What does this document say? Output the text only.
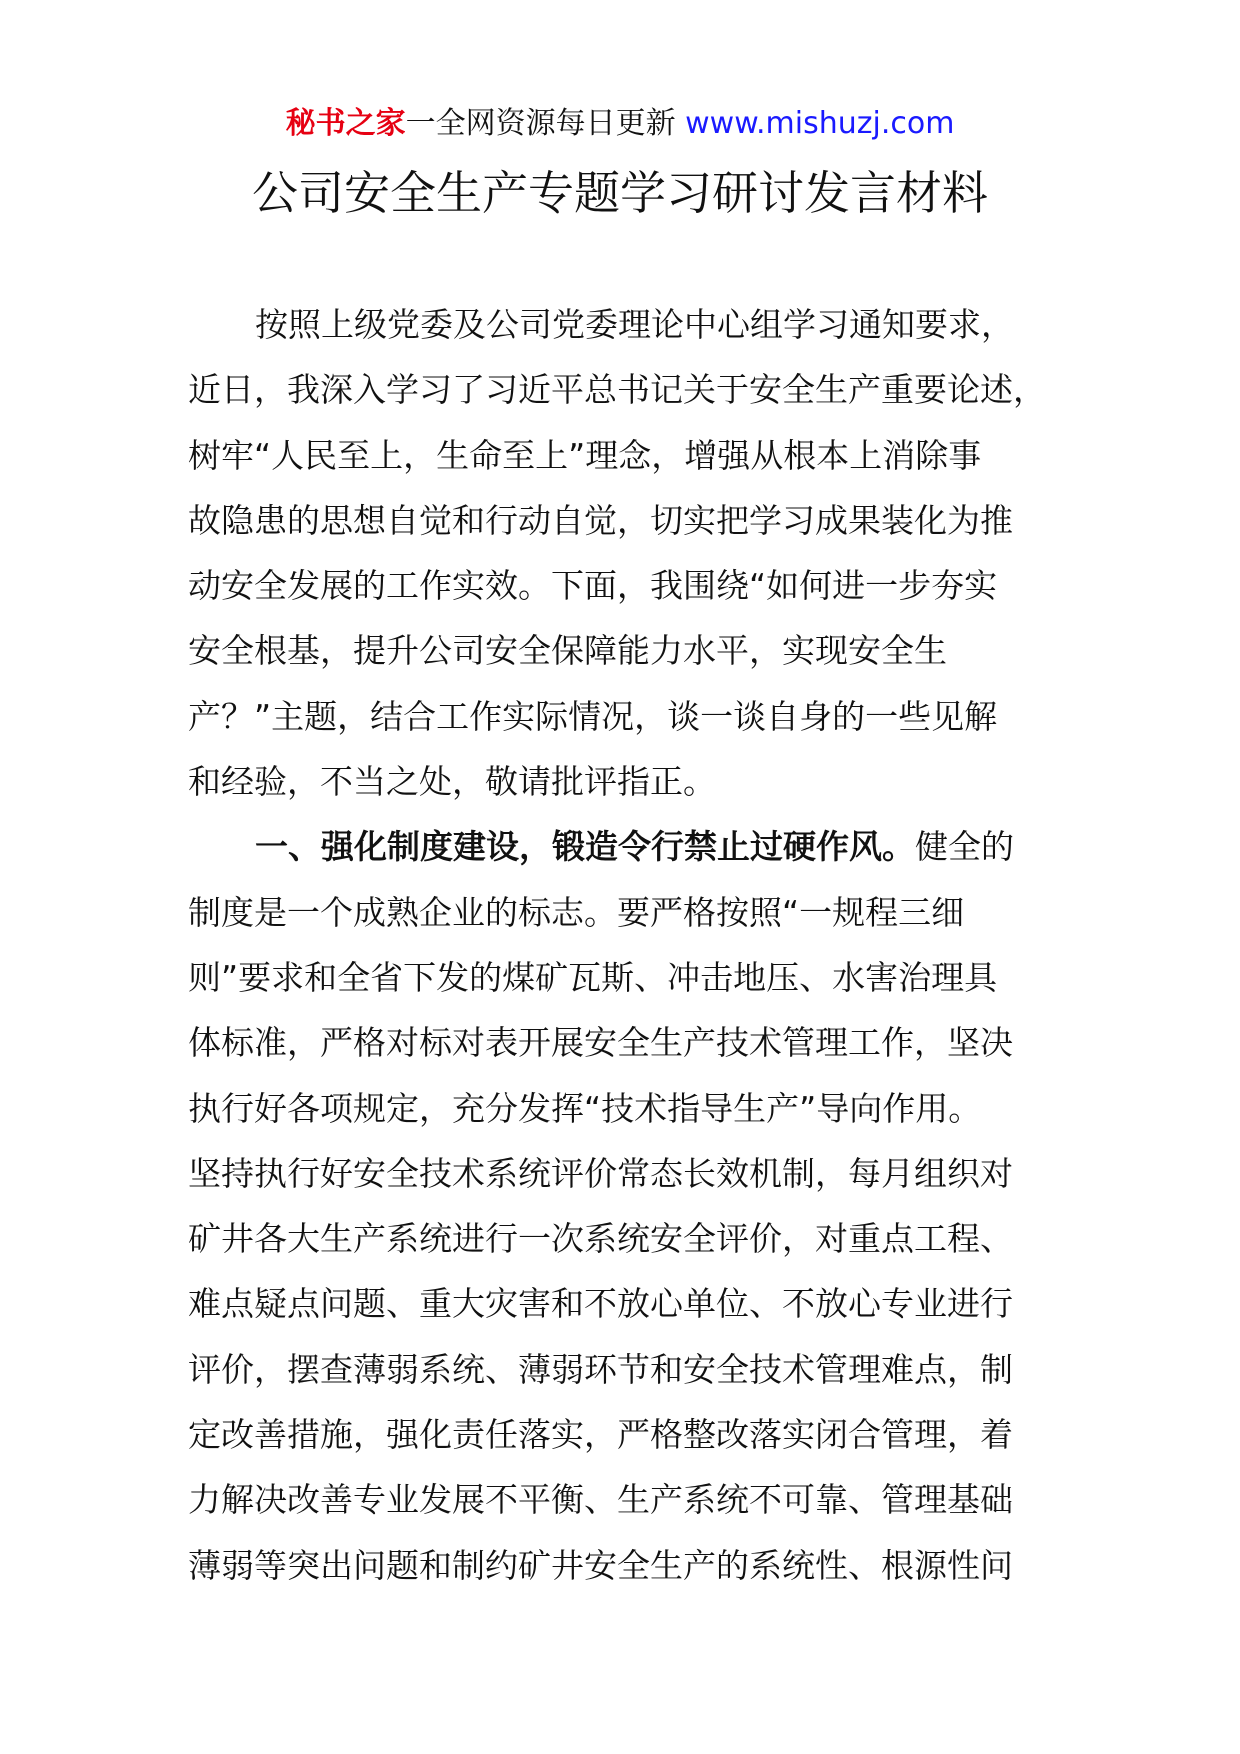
秘书之家一全网资源每日更新 www.mishuzj.com
公司安全生产专题学习研讨发言材料
按照上级党委及公司党委理论中心组学习通知要求，
近日，我深入学习了习近平总书记关于安全生产重要论述，
树牢“人民至上，生命至上”理念，增强从根本上消除事
故隐患的思想自觉和行动自觉，切实把学习成果装化为推
动安全发展的工作实效。下面，我围绕“如何进一步夯实
安全根基，提升公司安全保障能力水平，实现安全生
产？”主题，结合工作实际情况，谈一谈自身的一些见解
和经验，不当之处，敬请批评指正。
一、强化制度建设，锻造令行禁止过硬作风。健全的
制度是一个成熟企业的标志。要严格按照“一规程三细
则”要求和全省下发的煤矿瓦斯、冲击地压、水害治理具
体标准，严格对标对表开展安全生产技术管理工作，坚决
执行好各项规定，充分发挥“技术指导生产”导向作用。
坚持执行好安全技术系统评价常态长效机制，每月组织对
矿井各大生产系统进行一次系统安全评价，对重点工程、
难点疑点问题、重大灾害和不放心单位、不放心专业进行
评价，摆查薄弱系统、薄弱环节和安全技术管理难点，制
定改善措施，强化责任落实，严格整改落实闭合管理，着
力解决改善专业发展不平衡、生产系统不可靠、管理基础
薄弱等突出问题和制约矿井安全生产的系统性、根源性问
